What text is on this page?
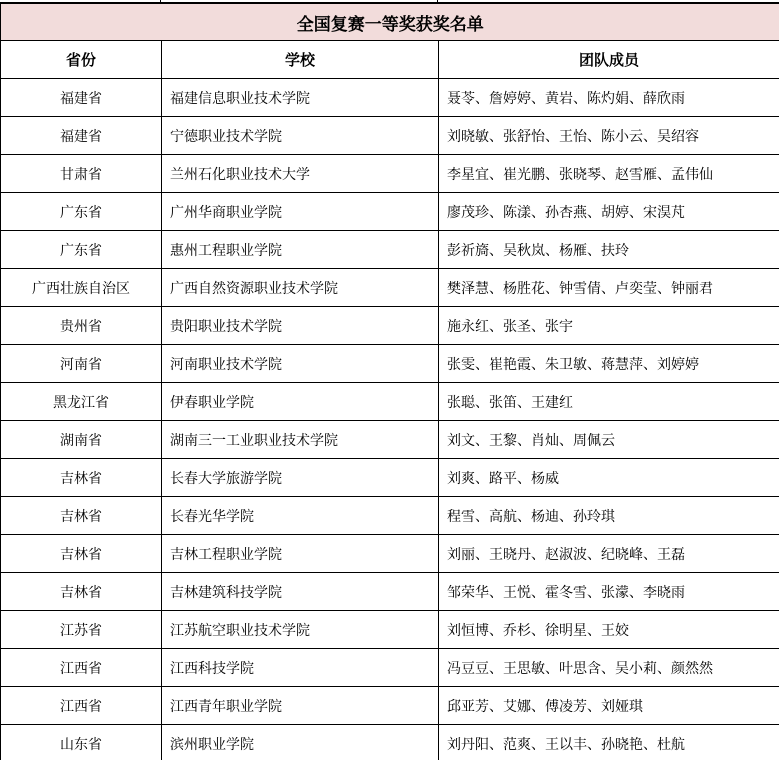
全国复赛一等奖获奖名单		
省份	学校	团队成员
福建省	福建信息职业技术学院	聂苓、詹婷婷、黄岩、陈灼娟、薛欣雨
福建省	宁德职业技术学院	刘晓敏、张舒怡、王怡、陈小云、吴绍容
甘肃省	兰州石化职业技术大学	李星宜、崔光鹏、张晓琴、赵雪雁、孟伟仙
广东省	广州华商职业学院	廖茂珍、陈漾、孙杏燕、胡婷、宋淏芃
广东省	惠州工程职业学院	彭祈旖、吴秋岚、杨雁、扶玲
广西壮族自治区	广西自然资源职业技术学院	樊泽慧、杨胜花、钟雪倩、卢奕莹、钟丽君
贵州省	贵阳职业技术学院	施永红、张圣、张宇
河南省	河南职业技术学院	张雯、崔艳霞、朱卫敏、蒋慧萍、刘婷婷
黑龙江省	伊春职业学院	张聪、张笛、王建红
湖南省	湖南三一工业职业技术学院	刘文、王黎、肖灿、周佩云
吉林省	长春大学旅游学院	刘爽、路平、杨威
吉林省	长春光华学院	程雪、高航、杨迪、孙玲琪
吉林省	吉林工程职业学院	刘丽、王晓丹、赵淑波、纪晓峰、王磊
吉林省	吉林建筑科技学院	邹荣华、王悦、霍冬雪、张濛、李晓雨
江苏省	江苏航空职业技术学院	刘恒博、乔杉、徐明星、王姣
江西省	江西科技学院	冯豆豆、王思敏、叶思含、吴小莉、颜然然
江西省	江西青年职业学院	邱亚芳、艾娜、傅凌芳、刘娅琪
山东省	滨州职业学院	刘丹阳、范爽、王以丰、孙晓艳、杜航
